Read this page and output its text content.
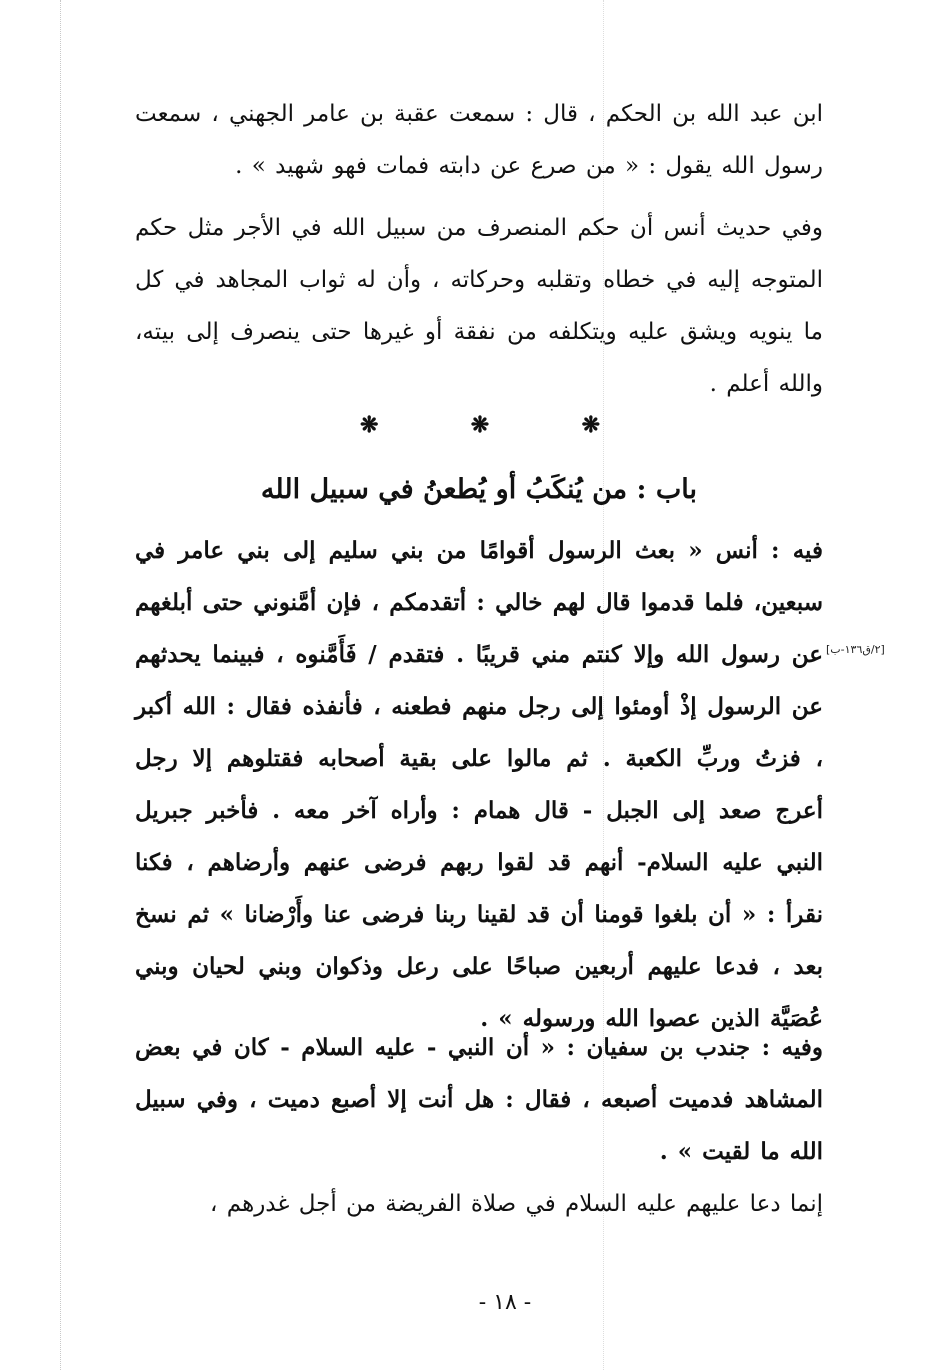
ابن عبد الله بن الحكم ، قال : سمعت عقبة بن عامر الجهني ، سمعت رسول الله يقول : « من صرع عن دابته فمات فهو شهيد » .

وفي حديث أنس أن حكم المنصرف من سبيل الله في الأجر مثل حكم المتوجه إليه في خطاه وتقلبه وحركاته ، وأن له ثواب المجاهد في كل ما ينويه ويشق عليه ويتكلفه من نفقة أو غيرها حتى ينصرف إلى بيته، والله أعلم .

❋	❋	❋
باب : من يُنكَبُ أو يُطعنُ في سبيل الله

فيه : أنس « بعث الرسول أقوامًا من بني سليم إلى بني عامر في سبعين، فلما قدموا قال لهم خالي : أتقدمكم ، فإن أمَّنوني حتى أبلغهم عن رسول الله وإلا كنتم مني قريبًا . فتقدم / فَأَمَّنوه ، فبينما يحدثهم عن الرسول إذْ أومئوا إلى رجل منهم فطعنه ، فأنفذه فقال : الله أكبر ، فزتُ وربِّ الكعبة . ثم مالوا على بقية أصحابه فقتلوهم إلا رجل أعرج صعد إلى الجبل - قال همام : وأراه آخر معه . فأخبر جبريل النبي عليه السلام- أنهم قد لقوا ربهم فرضى عنهم وأرضاهم ، فكنا نقرأ : « أن بلغوا قومنا أن قد لقينا ربنا فرضى عنا وأَرْضانا » ثم نسخ بعد ، فدعا عليهم أربعين صباحًا على رعل وذكوان وبني لحيان وبني عُصَيَّة الذين عصوا الله ورسوله » .

[٢/ق١٣٦-ب]

وفيه : جندب بن سفيان : « أن النبي - عليه السلام - كان في بعض المشاهد فدميت أصبعه ، فقال : هل أنت إلا أصبع دميت ، وفي سبيل الله ما لقيت » .

إنما دعا عليهم عليه السلام في صلاة الفريضة من أجل غدرهم ،

- ١٨ -
